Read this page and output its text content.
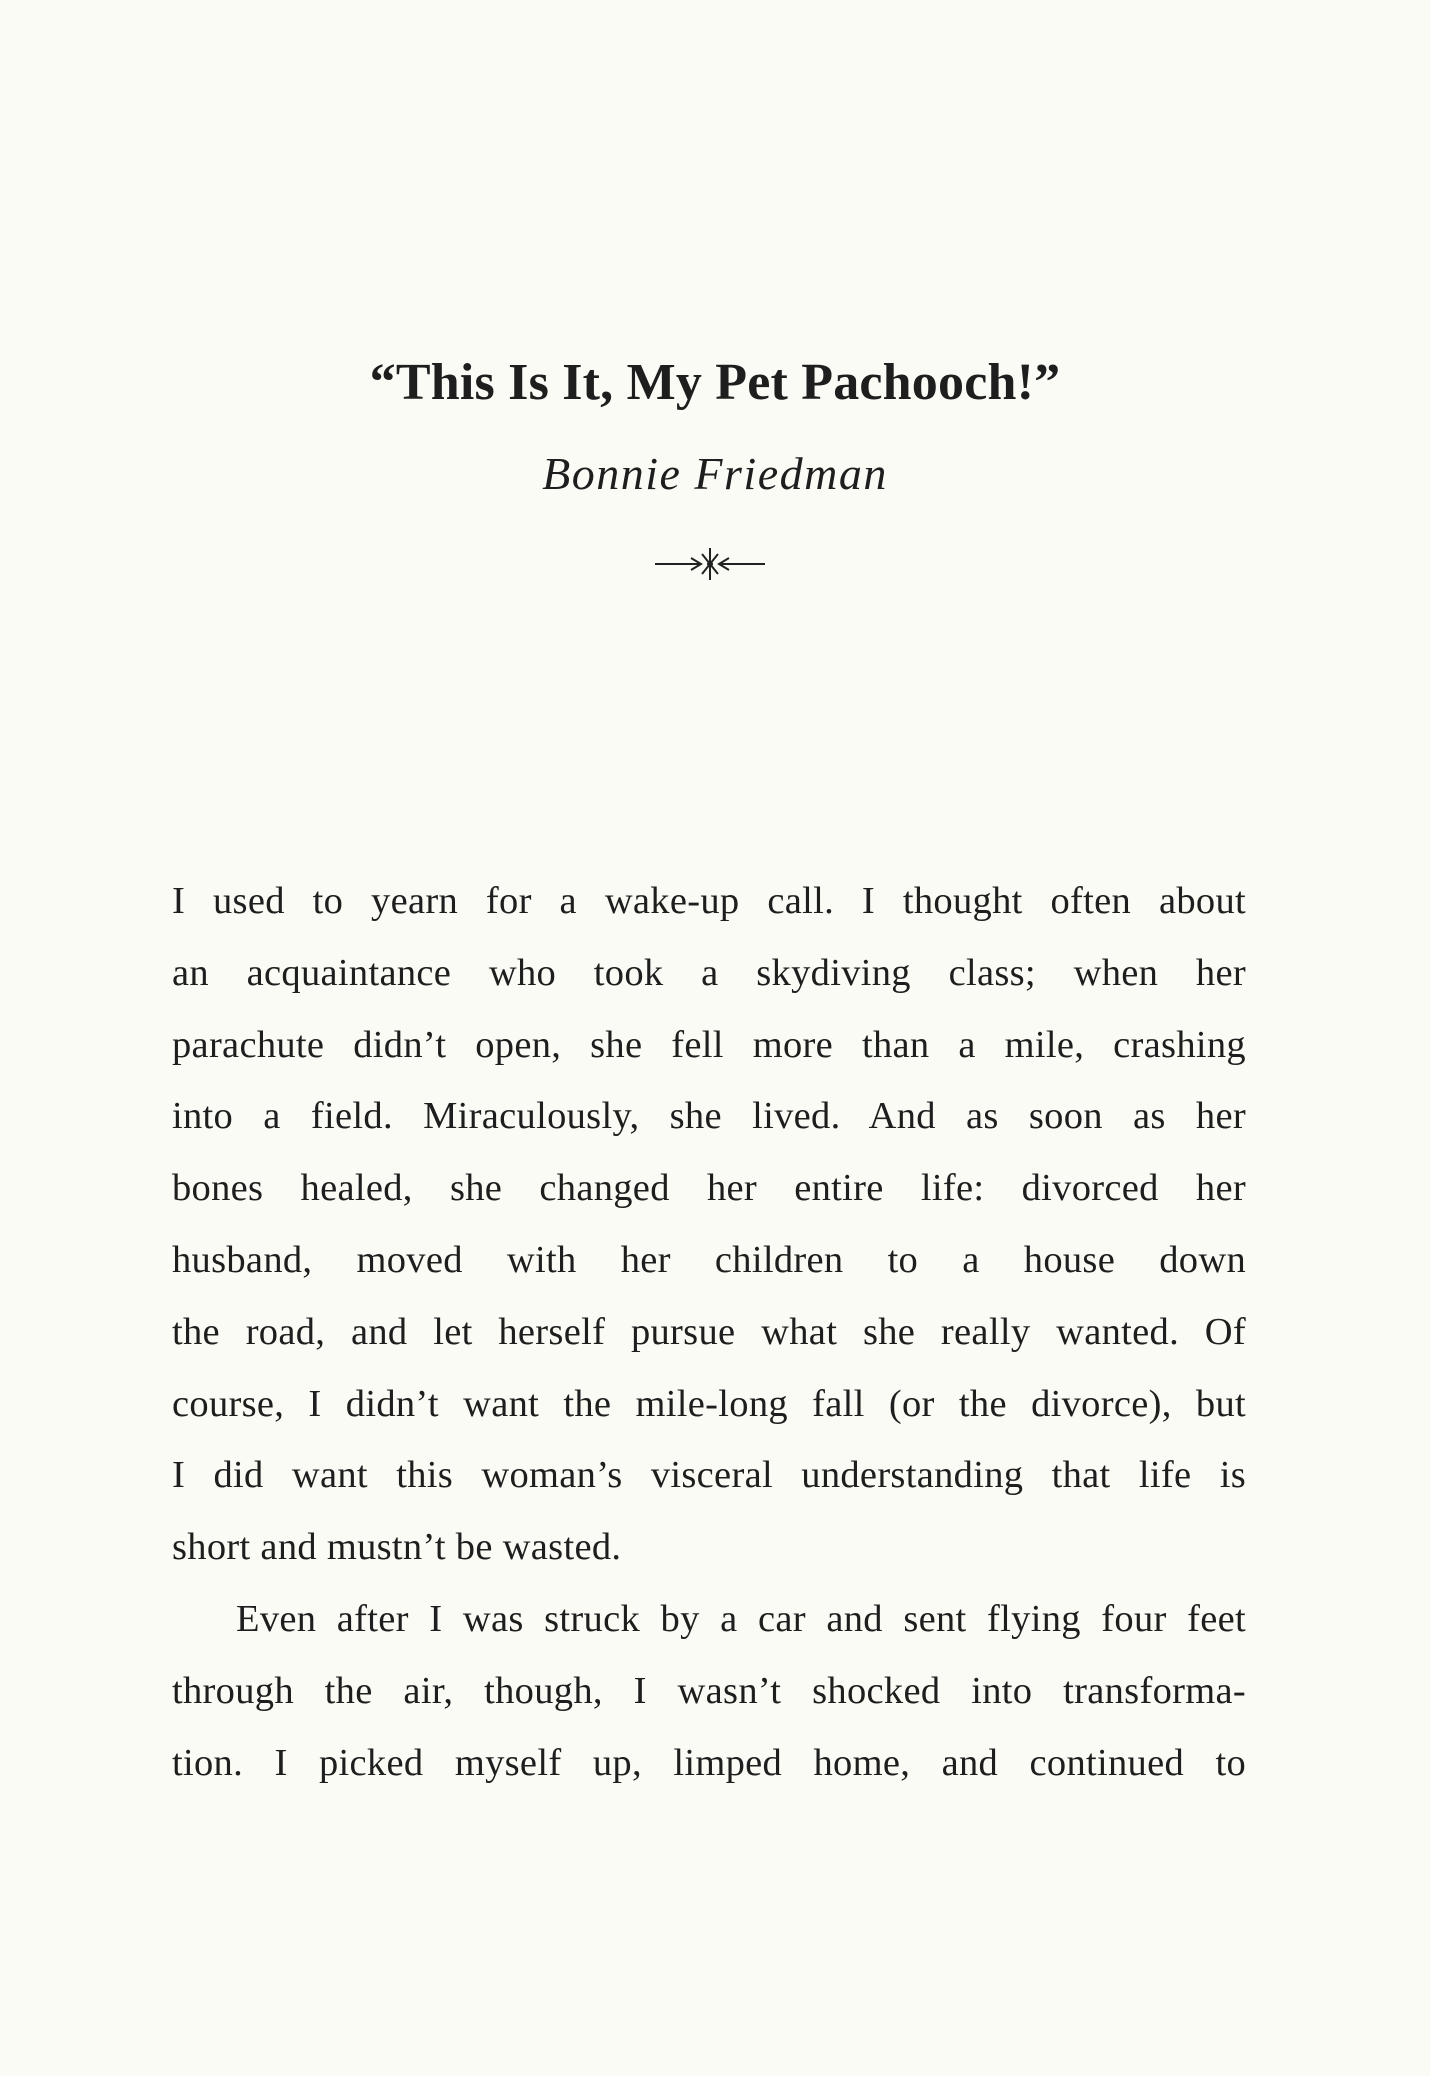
“This Is It, My Pet Pachooch!”
Bonnie Friedman
I used to yearn for a wake-up call. I thought often about
an acquaintance who took a skydiving class; when her
parachute didn’t open, she fell more than a mile, crashing
into a field. Miraculously, she lived. And as soon as her
bones healed, she changed her entire life: divorced her
husband, moved with her children to a house down
the road, and let herself pursue what she really wanted. Of
course, I didn’t want the mile-long fall (or the divorce), but
I did want this woman’s visceral understanding that life is
short and mustn’t be wasted.
Even after I was struck by a car and sent flying four feet
through the air, though, I wasn’t shocked into transforma-
tion. I picked myself up, limped home, and continued to
